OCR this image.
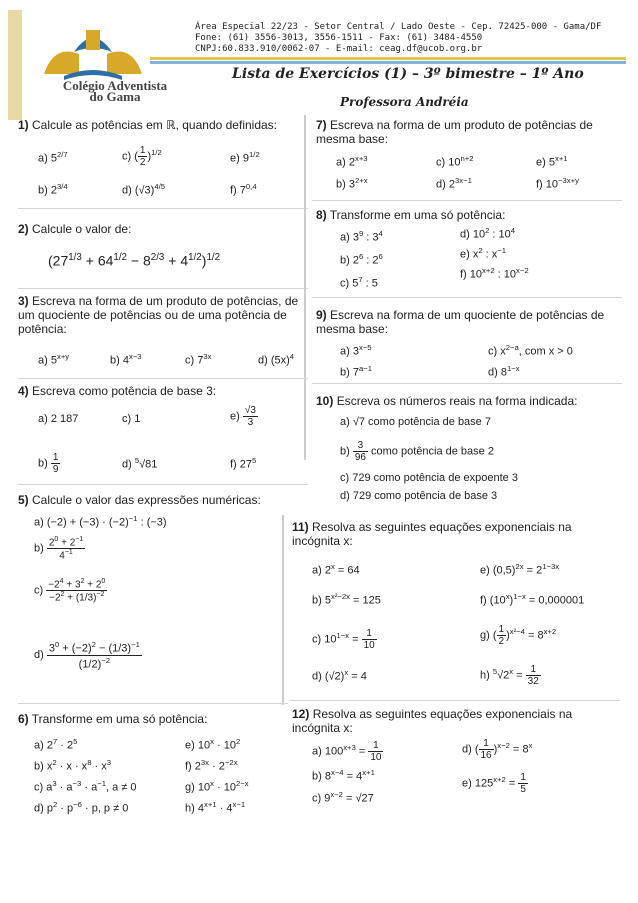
Colégio Adventista
do Gama
Área Especial 22/23 - Setor Central / Lado Oeste - Cep. 72425-000 - Gama/DF
Fone: (61) 3556-3013, 3556-1511 - Fax: (61) 3484-4550
CNPJ:60.833.910/0062-07 - E-mail: ceag.df@ucob.org.br
Lista de Exercícios (1) – 3º bimestre – 1º Ano
Professora Andréia
1) Calcule as potências em ℝ, quando definidas:
a) $5^{2/7}$
b) $2^{3/4}$
c) ( $\frac{1}{2} )^{1/2}$
d) $(√3)^{4/5}$
e) $9^{1/2}$
f) 7$^{0,4}$
2) Calcule o valor de:
$(27^{1/3} + 64^{1/2} - 8^{2/3} + 4^{1/2})^{1/2}$
3) Escreva na forma de um produto de potências, de um quociente de potências ou de uma potência de potência:
a) $5^{x+y}$	b) $4^{x-3}$	c) $7^{3x}$	d) $(5x)^4$
4) Escreva como potência de base 3:
a) 2 187
$b) \frac{1}{9}$
c) 1
d) $^5$√81
$e) \frac{√3}{3}$
f) $27^5$
5) Calcule o valor das expressões numéricas:
a) $(-2) + (-3) \cdot (-2)^{-1}$ : (−3)
$b) \frac{2^0 + 2^{-1}}{4^{-1}}$
$c) \frac{-2^4 + 3^2 + 2^0}{-2^2 + (1/3)^{-2}}$
$d) \frac{3^0 + (-2)^2 - (1/3)^{-1}}{(1/2)^{-2}}$
6) Transforme em uma só potência:
a) $2^7 \cdot 2^5$
b) $x^2 \cdot x \cdot x^8 \cdot x^3$
c) $a^3 \cdot a^{-3} \cdot a^{-1}$, a ≠ 0
d) $p^2 \cdot p^{-6} \cdot p$, p ≠ 0
e) $10^x \cdot 10^2$
f) $2^{3x} \cdot 2^{-2x}$
g) $10^x \cdot 10^{2-x}$
h) $4^{x+1} \cdot 4^{x-1}$
7) Escreva na forma de um produto de potências de mesma base:
a) $2^{x+3}$
b) $3^{2+x}$
c) $10^{n+2}$
d) $2^{3x-1}$
e) $5^{x+1}$
f) $10^{-3x+y}$
8) Transforme em uma só potência:
a) $3^9$ : $3^4$
b) $2^6$ : $2^6$
c) $5^7$ : 5
d) $10^2$ : $10^4$
e) $x^2$ : $x^{-1}$
f) $10^{x+2}$ : $10^{x-2}$
9) Escreva na forma de um quociente de potências de mesma base:
a) $3^{x-5}$
b) $7^{a-1}$
c) $x^{2-a}$, com x > 0
d) $8^{1-x}$
10) Escreva os números reais na forma indicada:
a) √7 como potência de base 7
$b) \frac{3}{96}$ como potência de base 2
c) 729 como potência de expoente 3
d) 729 como potência de base 3
11) Resolva as seguintes equações exponenciais na incógnita x:
a) $2^x = 64$
b) $5^{x^2-2x} = 125$
c) $10^{1-x} = \frac{1}{10}$
d) $(√2)^x = 4$
e) $(0,5)^{2x} = 2^{1-3x}$
f) $(10^x)^{1-x} = 0,000001$
g) ( $\frac{1}{2} )^{x^2-4} = 8^{x+2}$
h) $^5√2^x = \frac{1}{32}$
12) Resolva as seguintes equações exponenciais na incógnita x:
a) $100^{x+3} = \frac{1}{10}$
b) $8^{x-4} = 4^{x+1}$
c) $9^{x-2} = √27$
d) ( $\frac{1}{16} )^{x-2} = 8^x$
e) $125^{x+2} = \frac{1}{5}$
